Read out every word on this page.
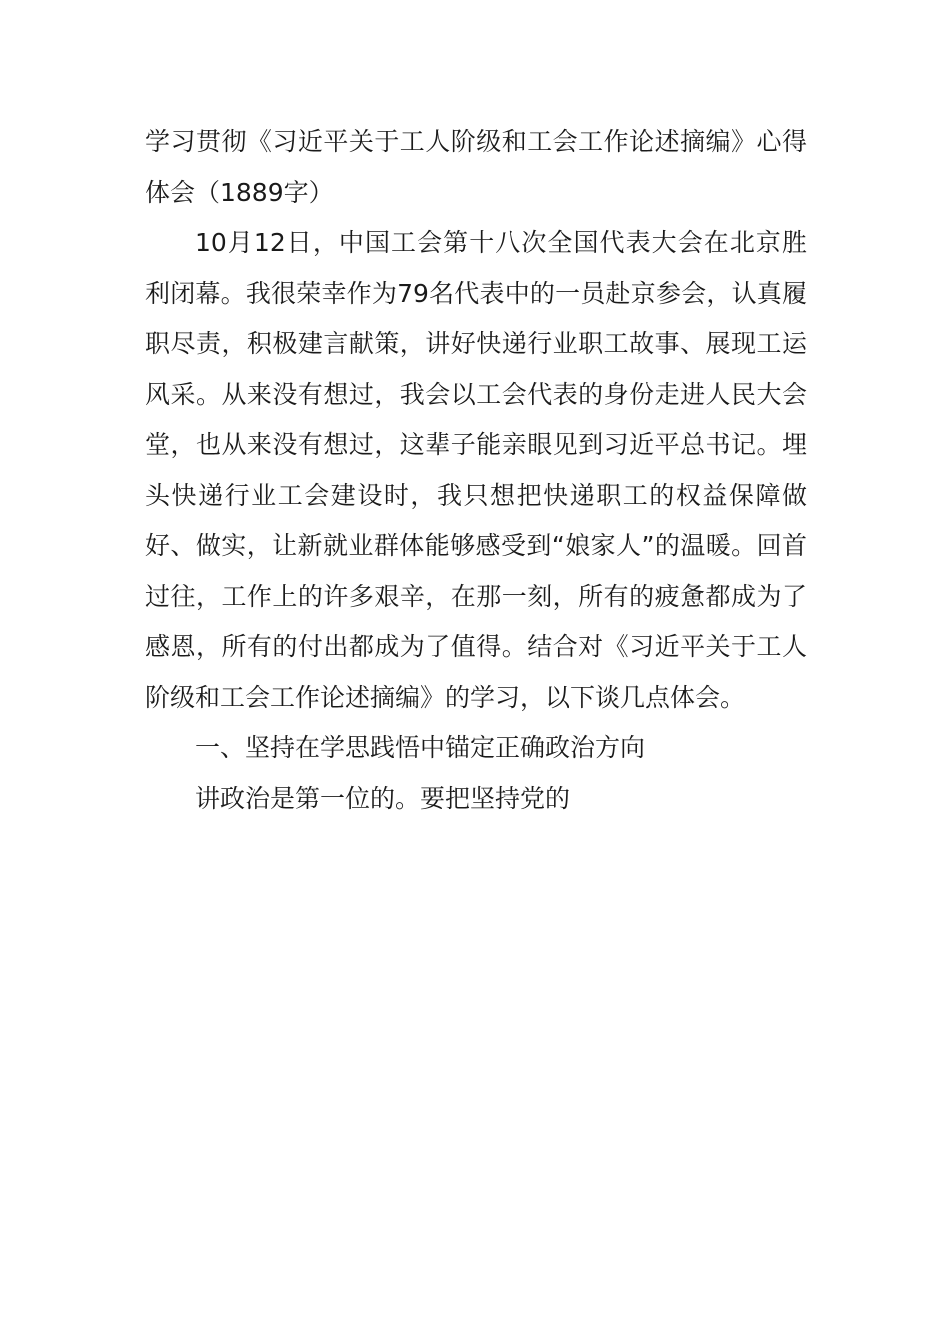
学习贯彻《习近平关于工人阶级和工会工作论述摘编》心得体会（1889字）

10月12日，中国工会第十八次全国代表大会在北京胜利闭幕。我很荣幸作为79名代表中的一员赴京参会，认真履职尽责，积极建言献策，讲好快递行业职工故事、展现工运风采。从来没有想过，我会以工会代表的身份走进人民大会堂，也从来没有想过，这辈子能亲眼见到习近平总书记。埋头快递行业工会建设时，我只想把快递职工的权益保障做好、做实，让新就业群体能够感受到“娘家人”的温暖。回首过往，工作上的许多艰辛，在那一刻，所有的疲惫都成为了感恩，所有的付出都成为了值得。结合对《习近平关于工人阶级和工会工作论述摘编》的学习，以下谈几点体会。

一、坚持在学思践悟中锚定正确政治方向

讲政治是第一位的。要把坚持党的
